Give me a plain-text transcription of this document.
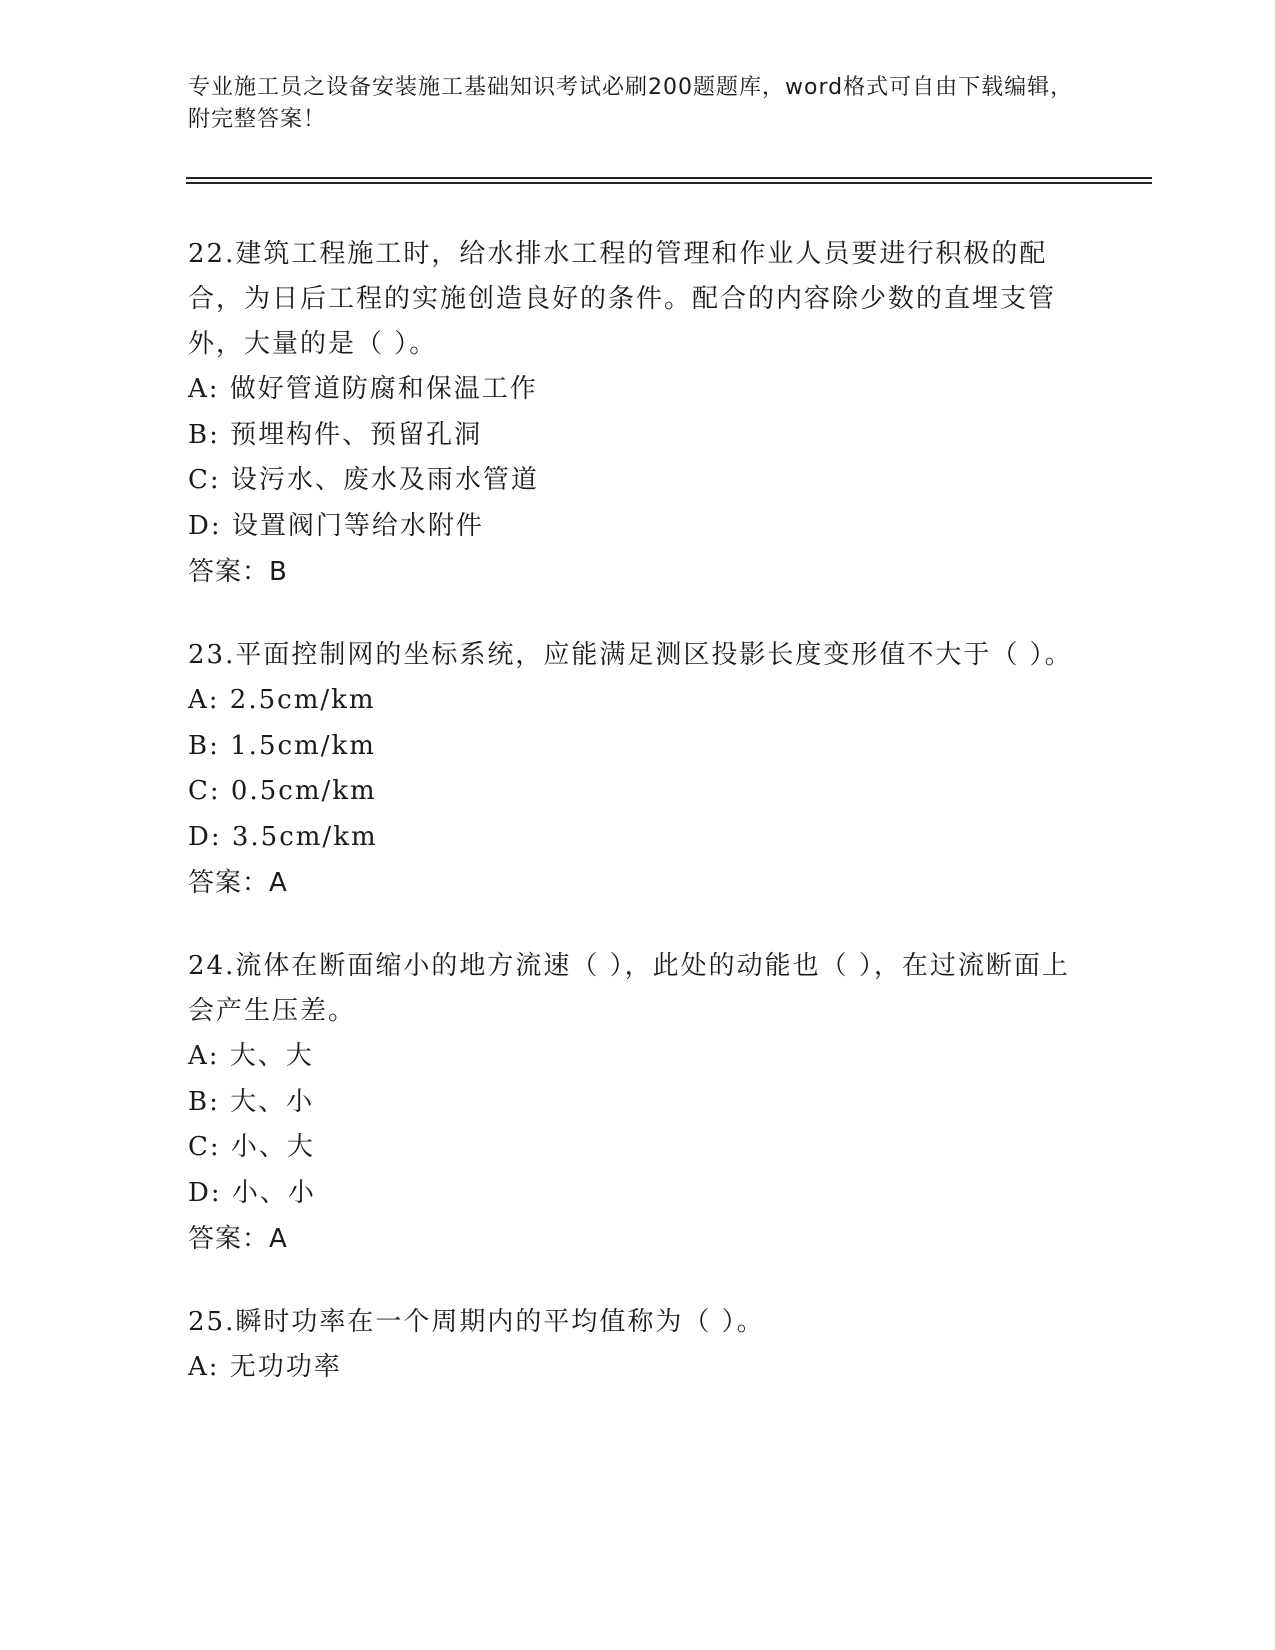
专业施工员之设备安装施工基础知识考试必刷200题题库，word格式可自由下载编辑，附完整答案！
22.建筑工程施工时，给水排水工程的管理和作业人员要进行积极的配合，为日后工程的实施创造良好的条件。配合的内容除少数的直埋支管外，大量的是（ ）。
A: 做好管道防腐和保温工作
B: 预埋构件、预留孔洞
C: 设污水、废水及雨水管道
D: 设置阀门等给水附件
答案：B
23.平面控制网的坐标系统，应能满足测区投影长度变形值不大于（ ）。
A: 2.5cm/km
B: 1.5cm/km
C: 0.5cm/km
D: 3.5cm/km
答案：A
24.流体在断面缩小的地方流速（ ），此处的动能也（ ），在过流断面上会产生压差。
A: 大、大
B: 大、小
C: 小、大
D: 小、小
答案：A
25.瞬时功率在一个周期内的平均值称为（ ）。
A: 无功功率
